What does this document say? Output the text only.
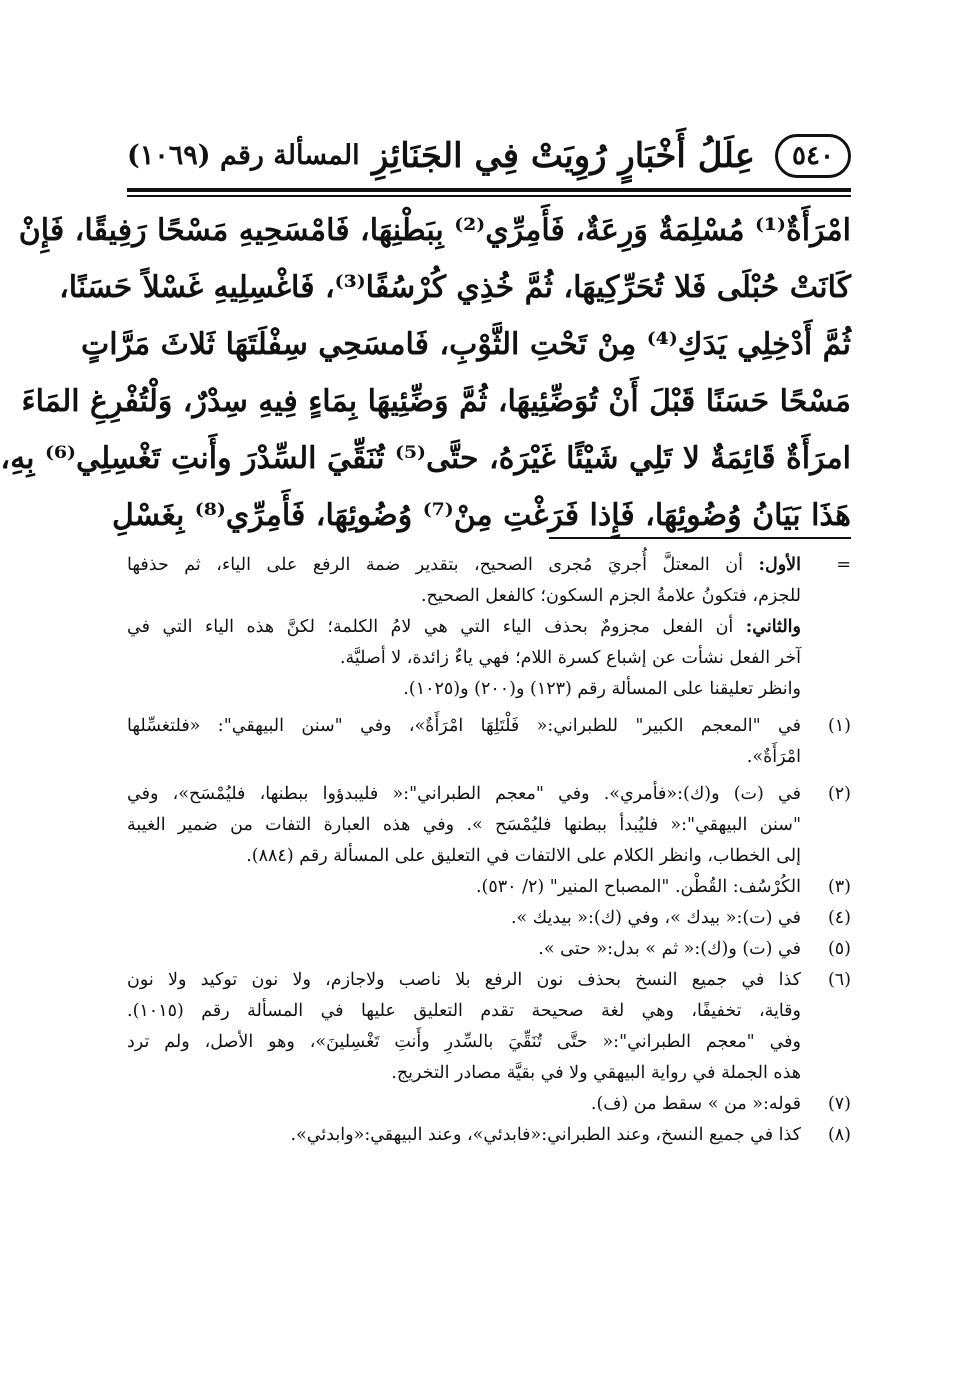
٥٤٠
عِلَلُ أَخْبَارٍ رُوِيَتْ فِي الجَنَائِزِ
المسألة رقم (١٠٦٩)
امْرَأَةٌ⁽¹⁾ مُسْلِمَةٌ وَرِعَةٌ، فَأَمِرِّي⁽²⁾ بِبَطْنِهَا، فَامْسَحِيهِ مَسْحًا رَفِيقًا، فَإِنْ
كَانَتْ حُبْلَى فَلا تُحَرِّكِيهَا، ثُمَّ خُذِي كُرْسُفًا⁽³⁾، فَاغْسِلِيهِ غَسْلاً حَسَنًا،
ثُمَّ أَدْخِلِي يَدَكِ⁽⁴⁾ مِنْ تَحْتِ الثَّوْبِ، فَامسَحِي سِفْلَتَهَا ثَلاثَ مَرَّاتٍ
مَسْحًا حَسَنًا قَبْلَ أَنْ تُوَضِّئِيهَا، ثُمَّ وَضِّئِيهَا بِمَاءٍ فِيهِ سِدْرٌ، وَلْتُفْرِغِ المَاءَ
امرَأَةٌ قَائِمَةٌ لا تَلِي شَيْئًا غَيْرَهُ، حتَّى⁽⁵⁾ تُنَقِّيَ السِّدْرَ وأَنتِ تَغْسِلِي⁽⁶⁾ بِهِ،
هَذَا بَيَانُ وُضُوئِهَا، فَإِذا فَرَغْتِ مِنْ⁽⁷⁾ وُضُوئِهَا، فَأَمِرِّي⁽⁸⁾ بِغَسْلِ
=
الأول: أن المعتلَّ أُجريَ مُجرى الصحيح، بتقدير ضمة الرفع على الياء، ثم حذفها
للجزم، فتكونُ علامةُ الجزم السكون؛ كالفعل الصحيح.
والثاني: أن الفعل مجزومٌ بحذف الياء التي هي لامُ الكلمة؛ لكنَّ هذه الياء التي في
آخر الفعل نشأت عن إشباع كسرة اللام؛ فهي ياءٌ زائدة، لا أصليَّة.
وانظر تعليقنا على المسألة رقم (١٢٣) و(٢٠٠) و(١٠٢٥).
(١)
في "المعجم الكبير" للطبراني:« فَلْتَلِهَا امْرَأَةٌ»، وفي "سنن البيهقي": «فلتغسِّلها
امْرَأَةٌ».
(٢)
في (ت) و(ك):«فأمري». وفي "معجم الطبراني":« فليبدؤوا ببطنها، فليُمْسَح»، وفي
"سنن البيهقي":« فليُبدأ ببطنها فليُمْسَح ». وفي هذه العبارة التفات من ضمير الغيبة
إلى الخطاب، وانظر الكلام على الالتفات في التعليق على المسألة رقم (٨٨٤).
(٣)
الكُرْسُف: القُطْن. "المصباح المنير" (٢/ ٥٣٠).
(٤)
في (ت):« بيدك »، وفي (ك):« بيديك ».
(٥)
في (ت) و(ك):« ثم » بدل:« حتى ».
(٦)
كذا في جميع النسخ بحذف نون الرفع بلا ناصب ولاجازم، ولا نون توكيد ولا نون
وقاية، تخفيفًا، وهي لغة صحيحة تقدم التعليق عليها في المسألة رقم (١٠١٥).
وفي "معجم الطبراني":« حتَّى تُنَقِّيَ بالسِّدرِ وأَنتِ تَغْسِلينَ»، وهو الأصل، ولم ترد
هذه الجملة في رواية البيهقي ولا في بقيَّة مصادر التخريج.
(٧)
قوله:« من » سقط من (ف).
(٨)
كذا في جميع النسخ، وعند الطبراني:«فابدئي»، وعند البيهقي:«وابدئي».
